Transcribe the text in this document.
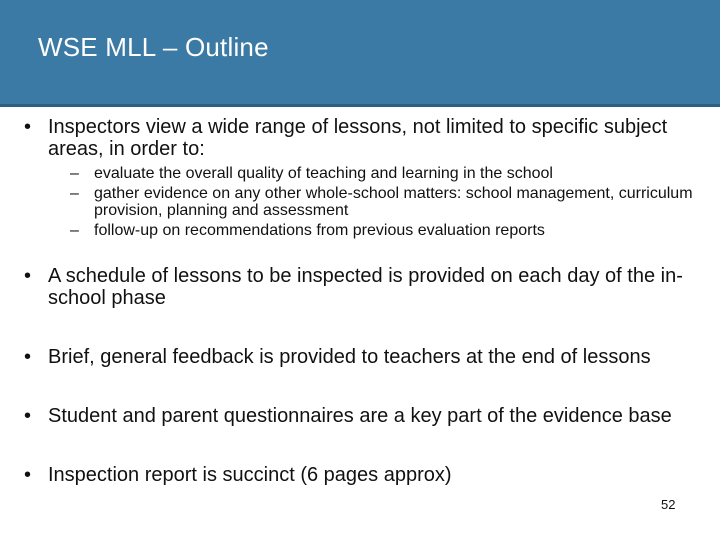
WSE MLL – Outline
• Inspectors view a wide range of lessons, not limited to specific subject areas, in order to:
– evaluate the overall quality of teaching and learning in the school
– gather evidence on any other whole-school matters: school management, curriculum provision, planning and assessment
– follow-up on recommendations from previous evaluation reports
• A schedule of lessons to be inspected is provided on each day of the in-school phase
• Brief, general feedback is provided to teachers at the end of lessons
• Student and parent questionnaires are a key part of the evidence base
• Inspection report is succinct (6 pages approx)
52
